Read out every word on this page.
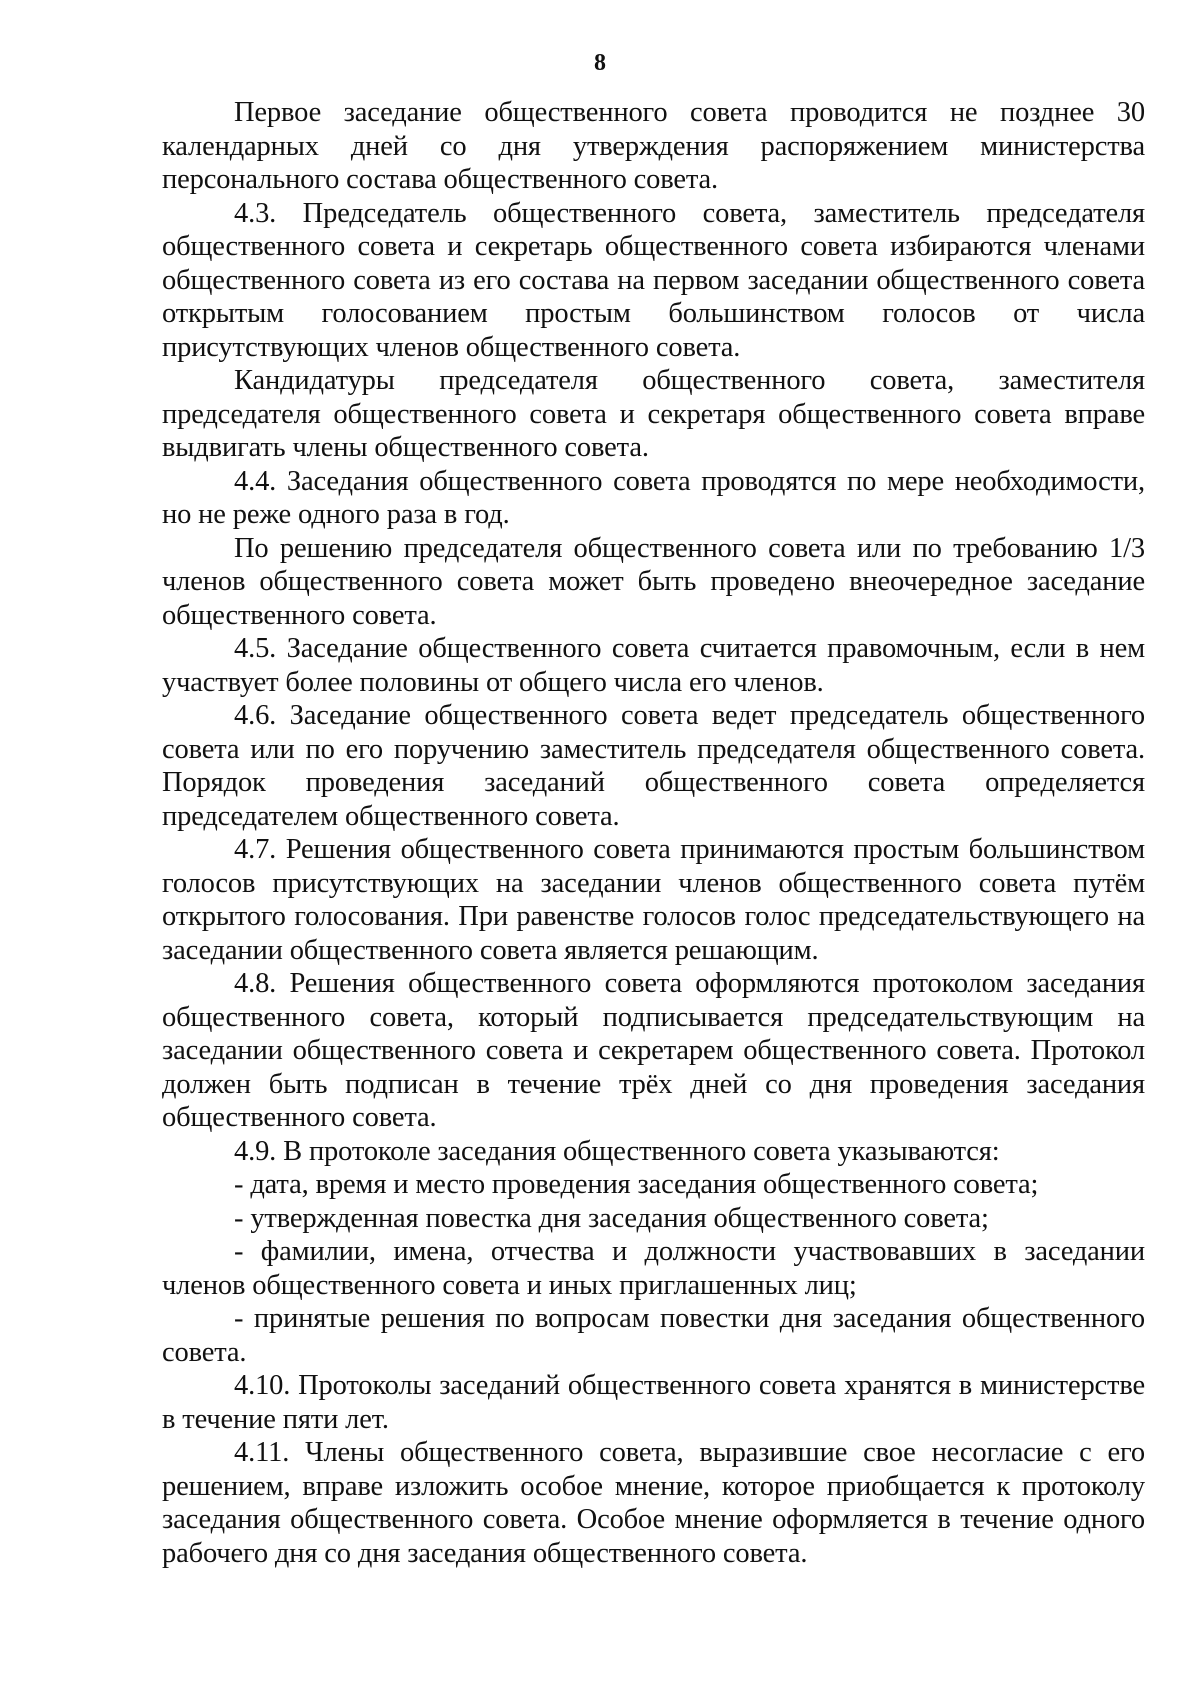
8

Первое заседание общественного совета проводится не позднее 30 календарных дней со дня утверждения распоряжением министерства персонального состава общественного совета.

4.3. Председатель общественного совета, заместитель председателя общественного совета и секретарь общественного совета избираются членами общественного совета из его состава на первом заседании общественного совета открытым голосованием простым большинством голосов от числа присутствующих членов общественного совета.

Кандидатуры председателя общественного совета, заместителя председателя общественного совета и секретаря общественного совета вправе выдвигать члены общественного совета.

4.4. Заседания общественного совета проводятся по мере необходимости, но не реже одного раза в год.

По решению председателя общественного совета или по требованию 1/3 членов общественного совета может быть проведено внеочередное заседание общественного совета.

4.5. Заседание общественного совета считается правомочным, если в нем участвует более половины от общего числа его членов.

4.6. Заседание общественного совета ведет председатель общественного совета или по его поручению заместитель председателя общественного совета. Порядок проведения заседаний общественного совета определяется председателем общественного совета.

4.7. Решения общественного совета принимаются простым большинством голосов присутствующих на заседании членов общественного совета путём открытого голосования. При равенстве голосов голос председательствующего на заседании общественного совета является решающим.

4.8. Решения общественного совета оформляются протоколом заседания общественного совета, который подписывается председательствующим на заседании общественного совета и секретарем общественного совета. Протокол должен быть подписан в течение трёх дней со дня проведения заседания общественного совета.

4.9. В протоколе заседания общественного совета указываются:

- дата, время и место проведения заседания общественного совета;

- утвержденная повестка дня заседания общественного совета;

- фамилии, имена, отчества и должности участвовавших в заседании членов общественного совета и иных приглашенных лиц;

- принятые решения по вопросам повестки дня заседания общественного совета.

4.10. Протоколы заседаний общественного совета хранятся в министерстве в течение пяти лет.

4.11. Члены общественного совета, выразившие свое несогласие с его решением, вправе изложить особое мнение, которое приобщается к протоколу заседания общественного совета. Особое мнение оформляется в течение одного рабочего дня со дня заседания общественного совета.
